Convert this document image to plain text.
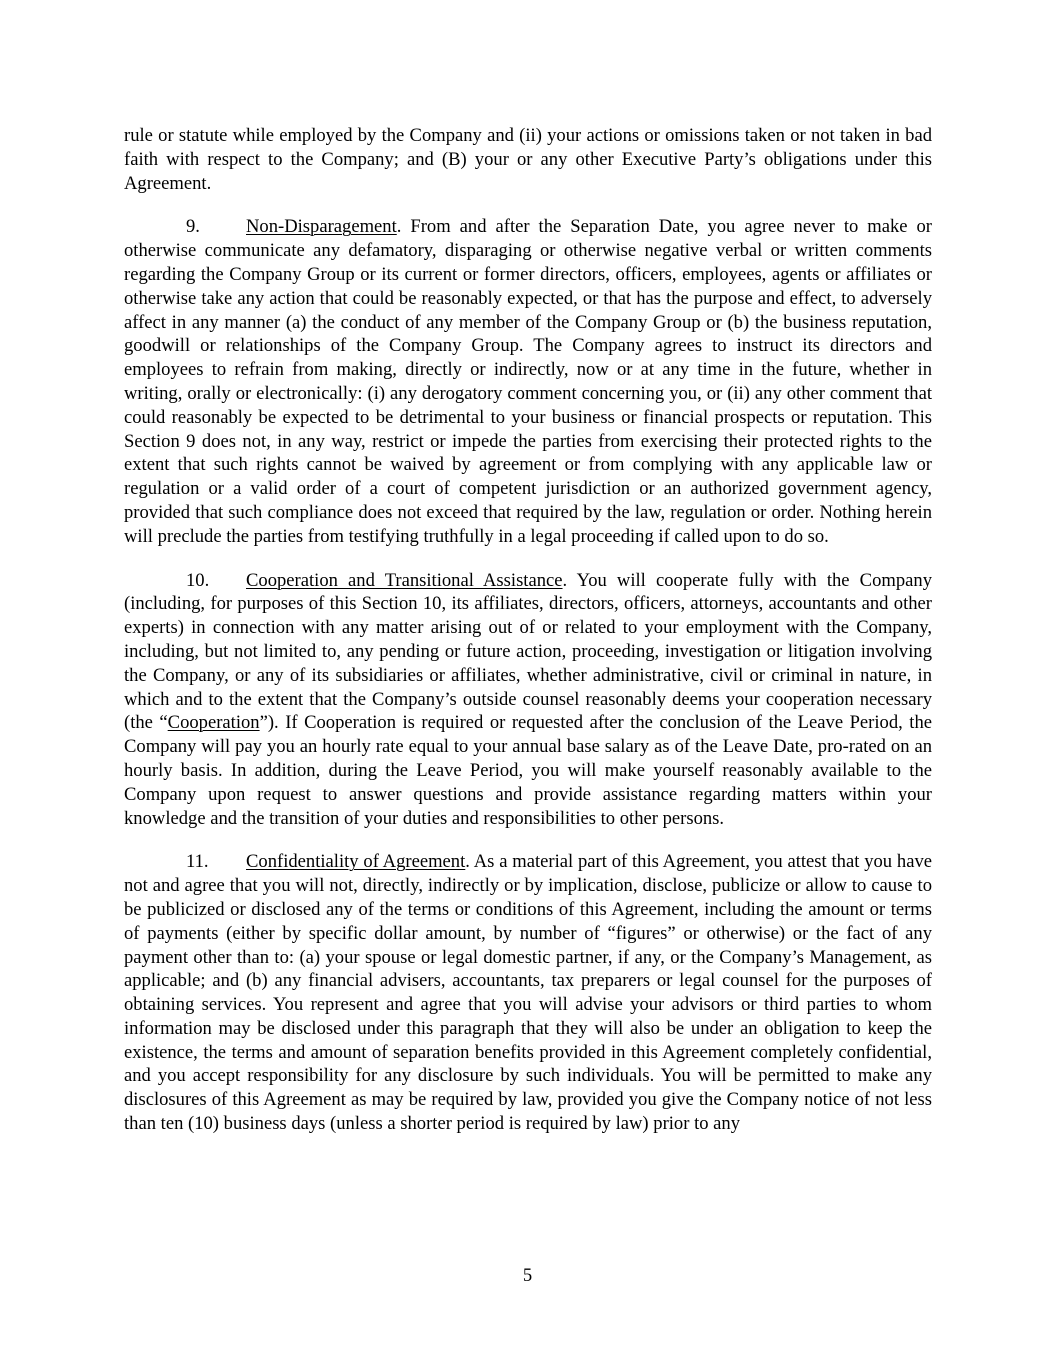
rule or statute while employed by the Company and (ii) your actions or omissions taken or not taken in bad faith with respect to the Company; and (B) your or any other Executive Party’s obligations under this Agreement.

9. Non-Disparagement. From and after the Separation Date, you agree never to make or otherwise communicate any defamatory, disparaging or otherwise negative verbal or written comments regarding the Company Group or its current or former directors, officers, employees, agents or affiliates or otherwise take any action that could be reasonably expected, or that has the purpose and effect, to adversely affect in any manner (a) the conduct of any member of the Company Group or (b) the business reputation, goodwill or relationships of the Company Group. The Company agrees to instruct its directors and employees to refrain from making, directly or indirectly, now or at any time in the future, whether in writing, orally or electronically: (i) any derogatory comment concerning you, or (ii) any other comment that could reasonably be expected to be detrimental to your business or financial prospects or reputation. This Section 9 does not, in any way, restrict or impede the parties from exercising their protected rights to the extent that such rights cannot be waived by agreement or from complying with any applicable law or regulation or a valid order of a court of competent jurisdiction or an authorized government agency, provided that such compliance does not exceed that required by the law, regulation or order. Nothing herein will preclude the parties from testifying truthfully in a legal proceeding if called upon to do so.

10. Cooperation and Transitional Assistance. You will cooperate fully with the Company (including, for purposes of this Section 10, its affiliates, directors, officers, attorneys, accountants and other experts) in connection with any matter arising out of or related to your employment with the Company, including, but not limited to, any pending or future action, proceeding, investigation or litigation involving the Company, or any of its subsidiaries or affiliates, whether administrative, civil or criminal in nature, in which and to the extent that the Company’s outside counsel reasonably deems your cooperation necessary (the “Cooperation”). If Cooperation is required or requested after the conclusion of the Leave Period, the Company will pay you an hourly rate equal to your annual base salary as of the Leave Date, pro-rated on an hourly basis. In addition, during the Leave Period, you will make yourself reasonably available to the Company upon request to answer questions and provide assistance regarding matters within your knowledge and the transition of your duties and responsibilities to other persons.

11. Confidentiality of Agreement. As a material part of this Agreement, you attest that you have not and agree that you will not, directly, indirectly or by implication, disclose, publicize or allow to cause to be publicized or disclosed any of the terms or conditions of this Agreement, including the amount or terms of payments (either by specific dollar amount, by number of “figures” or otherwise) or the fact of any payment other than to: (a) your spouse or legal domestic partner, if any, or the Company’s Management, as applicable; and (b) any financial advisers, accountants, tax preparers or legal counsel for the purposes of obtaining services. You represent and agree that you will advise your advisors or third parties to whom information may be disclosed under this paragraph that they will also be under an obligation to keep the existence, the terms and amount of separation benefits provided in this Agreement completely confidential, and you accept responsibility for any disclosure by such individuals. You will be permitted to make any disclosures of this Agreement as may be required by law, provided you give the Company notice of not less than ten (10) business days (unless a shorter period is required by law) prior to any

5
